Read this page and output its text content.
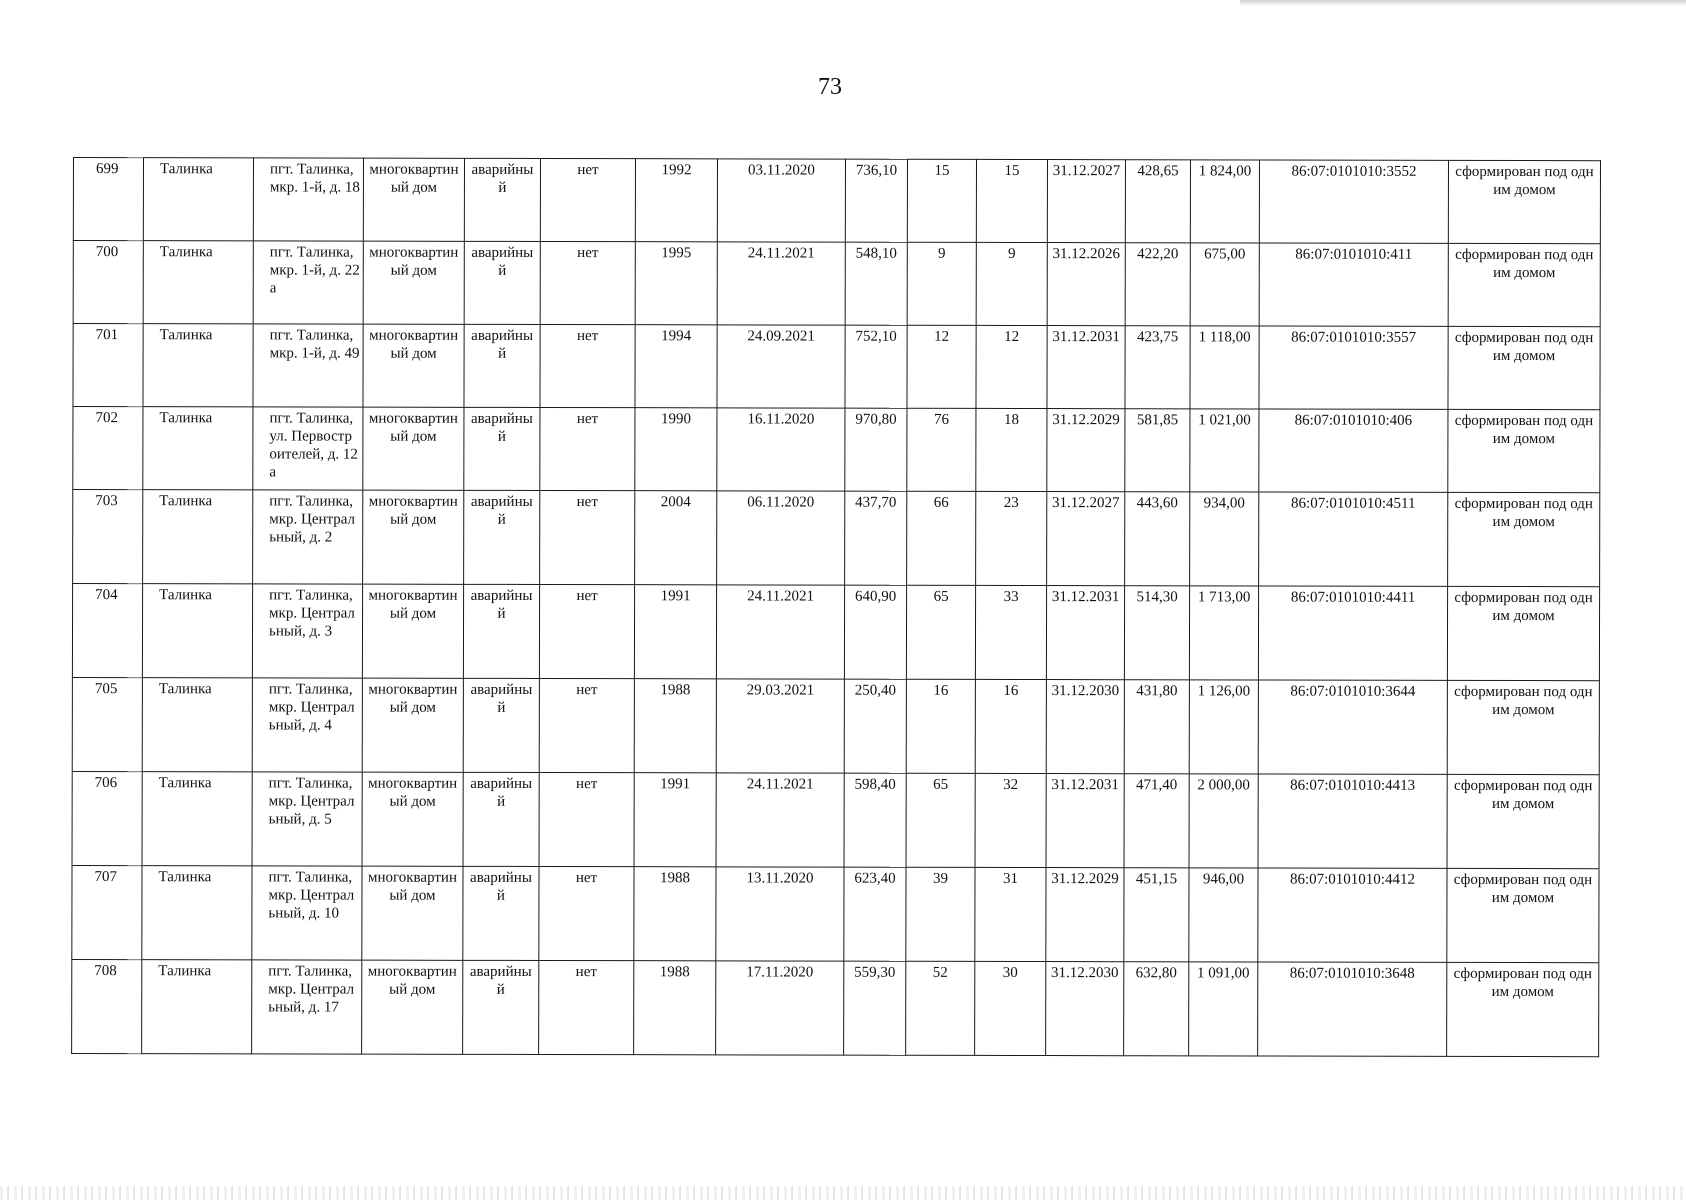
73
699	Талинка	пгт. Талинка, мкр. 1-й, д. 18	многоквартиный дом	аварийный	нет	1992	03.11.2020	736,10	15	15	31.12.2027	428,65	1 824,00	86:07:0101010:3552	сформирован под одним домом
700	Талинка	пгт. Талинка, мкр. 1-й, д. 22а	многоквартиный дом	аварийный	нет	1995	24.11.2021	548,10	9	9	31.12.2026	422,20	675,00	86:07:0101010:411	сформирован под одним домом
701	Талинка	пгт. Талинка, мкр. 1-й, д. 49	многоквартиный дом	аварийный	нет	1994	24.09.2021	752,10	12	12	31.12.2031	423,75	1 118,00	86:07:0101010:3557	сформирован под одним домом
702	Талинка	пгт. Талинка, ул. Первостроителей, д. 12а	многоквартиный дом	аварийный	нет	1990	16.11.2020	970,80	76	18	31.12.2029	581,85	1 021,00	86:07:0101010:406	сформирован под одним домом
703	Талинка	пгт. Талинка, мкр. Центральный, д. 2	многоквартиный дом	аварийный	нет	2004	06.11.2020	437,70	66	23	31.12.2027	443,60	934,00	86:07:0101010:4511	сформирован под одним домом
704	Талинка	пгт. Талинка, мкр. Центральный, д. 3	многоквартиный дом	аварийный	нет	1991	24.11.2021	640,90	65	33	31.12.2031	514,30	1 713,00	86:07:0101010:4411	сформирован под одним домом
705	Талинка	пгт. Талинка, мкр. Центральный, д. 4	многоквартиный дом	аварийный	нет	1988	29.03.2021	250,40	16	16	31.12.2030	431,80	1 126,00	86:07:0101010:3644	сформирован под одним домом
706	Талинка	пгт. Талинка, мкр. Центральный, д. 5	многоквартиный дом	аварийный	нет	1991	24.11.2021	598,40	65	32	31.12.2031	471,40	2 000,00	86:07:0101010:4413	сформирован под одним домом
707	Талинка	пгт. Талинка, мкр. Центральный, д. 10	многоквартиный дом	аварийный	нет	1988	13.11.2020	623,40	39	31	31.12.2029	451,15	946,00	86:07:0101010:4412	сформирован под одним домом
708	Талинка	пгт. Талинка, мкр. Центральный, д. 17	многоквартиный дом	аварийный	нет	1988	17.11.2020	559,30	52	30	31.12.2030	632,80	1 091,00	86:07:0101010:3648	сформирован под одним домом
